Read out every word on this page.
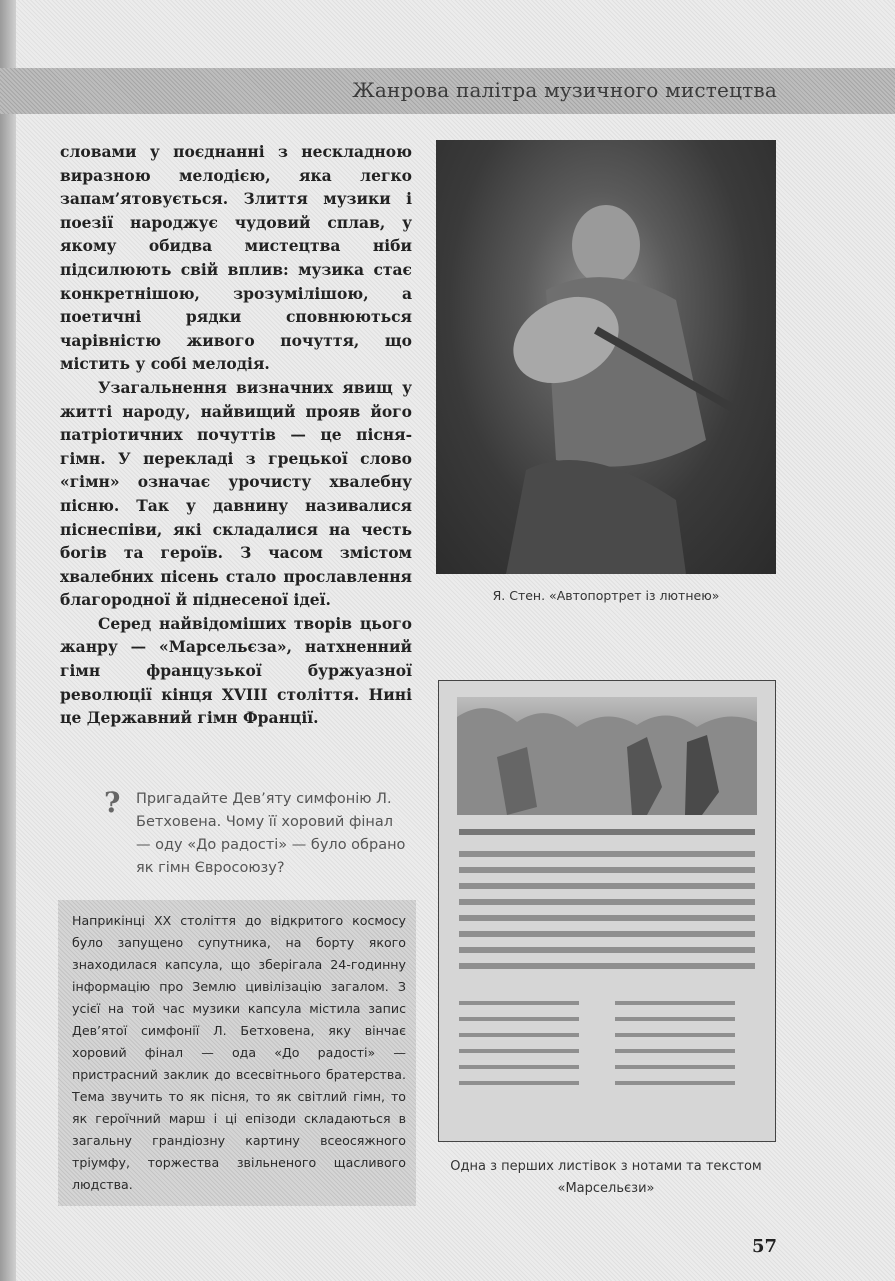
Жанрова палітра музичного мистецтва

словами у поєднанні з нескладною виразною мелодією, яка легко запам’ятовується. Злиття музики і поезії народжує чудовий сплав, у якому обидва мистецтва ніби підсилюють свій вплив: музика стає конкретнішою, зрозумілішою, а поетичні рядки сповнюються чарівністю живого почуття, що містить у собі мелодія.

Узагальнення визначних явищ у житті народу, найвищий прояв його патріотичних почуттів — це пісня-гімн. У перекладі з грецької слово «гімн» означає урочисту хвалебну пісню. Так у давнину називалися піснеспіви, які складалися на честь богів та героїв. З часом змістом хвалебних пісень стало прославлення благородної й піднесеної ідеї.

Серед найвідоміших творів цього жанру — «Марсельєза», натхненний гімн французької буржуазної революції кінця XVIII століття. Нині це Державний гімн Франції.

?	Пригадайте Дев’яту симфонію Л. Бетховена. Чому її хоровий фінал — оду «До радості» — було обрано як гімн Євросоюзу?
Наприкінці XX століття до відкритого космосу було запущено супутника, на борту якого знаходилася капсула, що зберігала 24-годинну інформацію про Землю цивілізацію загалом. З усієї на той час музики капсула містила запис Дев’ятої симфонії Л. Бетховена, яку вінчає хоровий фінал — ода «До радості» — пристрасний заклик до всесвітнього братерства. Тема звучить то як пісня, то як світлий гімн, то як героїчний марш і ці епізоди складаються в загальну грандіозну картину всеосяжного тріумфу, торжества звільненого щасливого людства.
Я. Стен. «Автопортрет із лютнею»
Одна з перших листівок з нотами та текстом «Марсельєзи»
57
